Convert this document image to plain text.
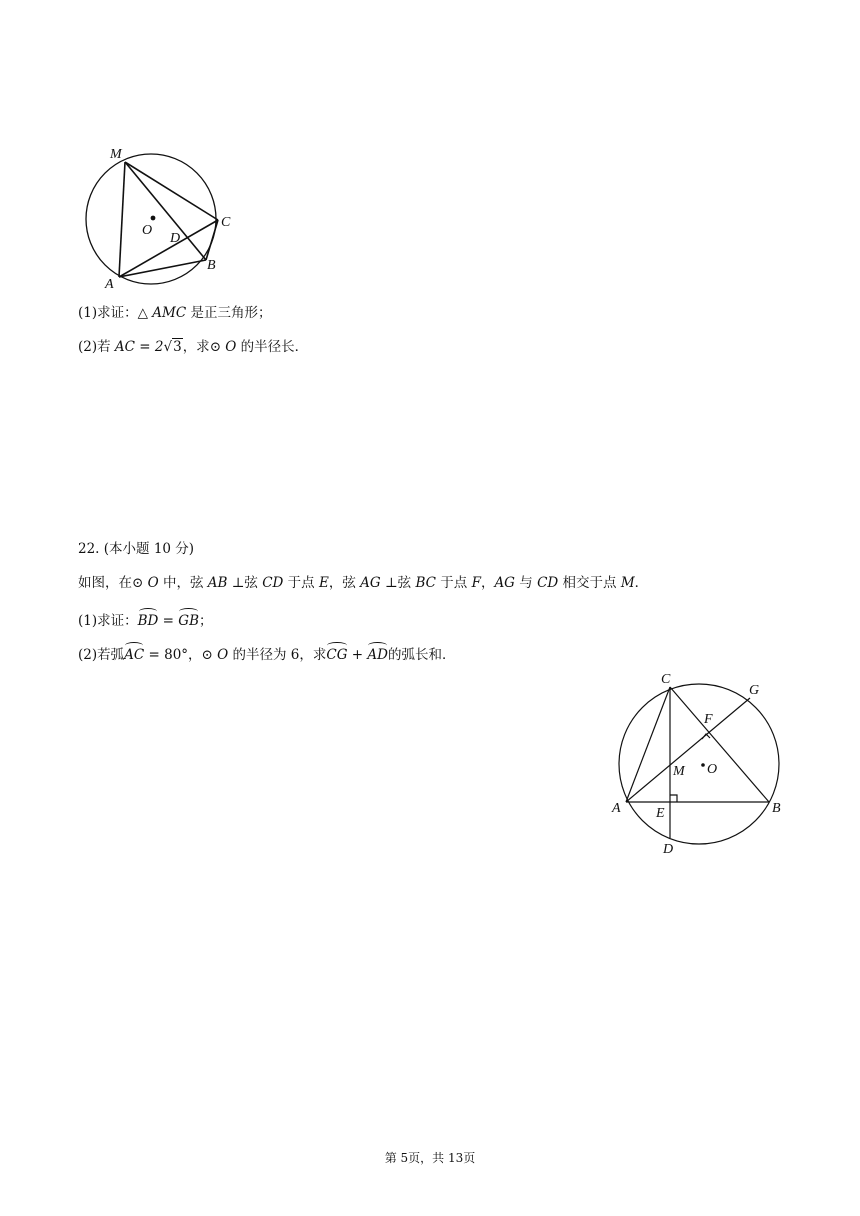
M
C
O
D
B
A
(1)求证：△ AMC 是正三角形；
(2)若 AC = 2√3，求⊙ O 的半径长．
22. (本小题 10 分)
如图，在⊙ O 中，弦 AB ⊥弦 CD 于点 E，弦 AG ⊥弦 BC 于点 F，AG 与 CD 相交于点 M．
(1)求证：BD = GB；
(2)若弧AC = 80°，⊙ O 的半径为 6，求CG + AD的弧长和．
C
G
F
M O
A	E	B
D
第 5页，共 13页
